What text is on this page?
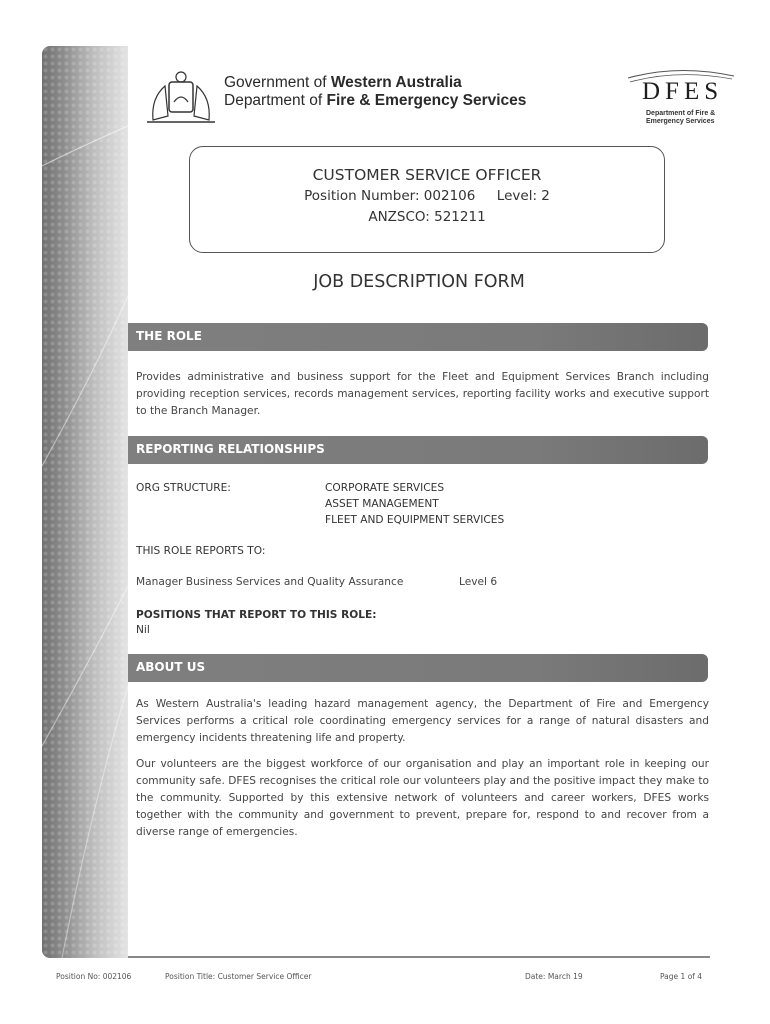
Government of Western Australia
Department of Fire & Emergency Services	DFES
Department of Fire &
Emergency Services
CUSTOMER SERVICE OFFICER
Position Number: 002106     Level: 2
ANZSCO: 521211
JOB DESCRIPTION FORM
THE ROLE
Provides administrative and business support for the Fleet and Equipment Services Branch including providing reception services, records management services, reporting facility works and executive support to the Branch Manager.
REPORTING RELATIONSHIPS
ORG STRUCTURE:	CORPORATE SERVICES
ASSET MANAGEMENT
FLEET AND EQUIPMENT SERVICES
THIS ROLE REPORTS TO:
Manager Business Services and Quality Assurance	Level 6
POSITIONS THAT REPORT TO THIS ROLE:
Nil
ABOUT US
As Western Australia's leading hazard management agency, the Department of Fire and Emergency Services performs a critical role coordinating emergency services for a range of natural disasters and emergency incidents threatening life and property.
Our volunteers are the biggest workforce of our organisation and play an important role in keeping our community safe. DFES recognises the critical role our volunteers play and the positive impact they make to the community. Supported by this extensive network of volunteers and career workers, DFES works together with the community and government to prevent, prepare for, respond to and recover from a diverse range of emergencies.
Position No: 002106	Position Title: Customer Service Officer	Date: March 19	Page 1 of 4
